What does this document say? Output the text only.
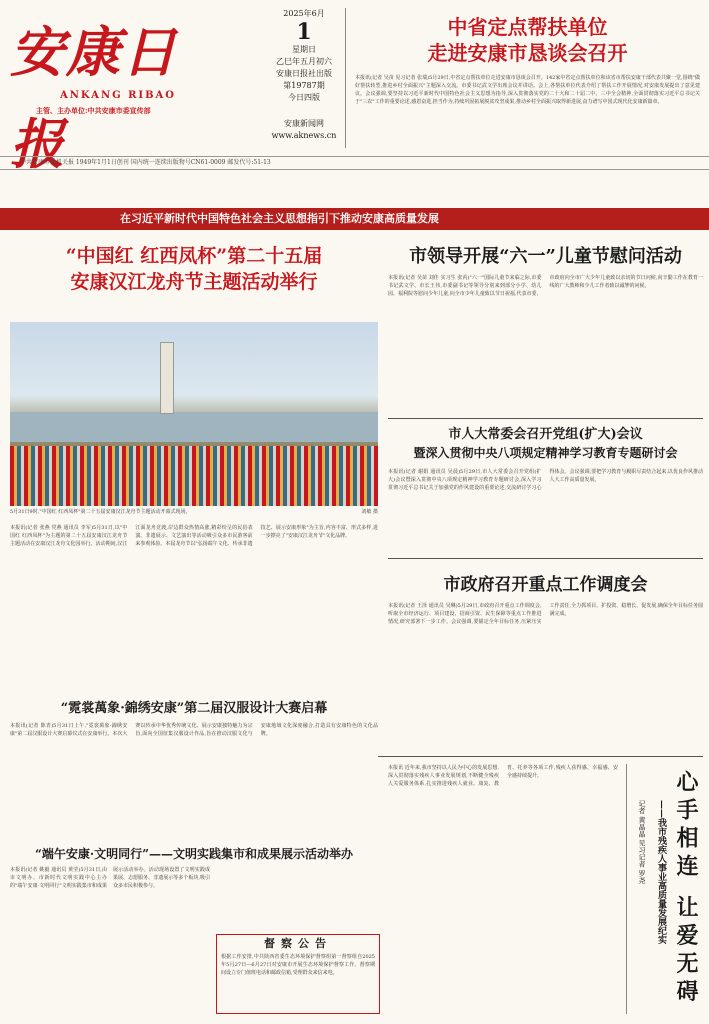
安康日报
ANKANG RIBAO
主管、主办单位:中共安康市委宣传部
2025年6月
1
星期日
乙巳年五月初六
安康日报社出版
第19787期
今日四版
安康新闻网
www.aknews.cn
中省定点帮扶单位
走进安康市恳谈会召开
本报讯(记者 吴苗 见习记者 张瑞)5月29日,中省定点帮扶单位走进安康市恳谈会召开。142家中省定点帮扶单位和该省市帮扶安康干部代表共聚一堂,围绕"做好帮扶转型,推进乡村全面振兴"主题深入交流。市委书记武文学出席会议并讲话。会上,各帮扶单位代表介绍了帮扶工作开展情况,对安康发展提出了意见建议。会议强调,要坚持以习近平新时代中国特色社会主义思想为指导,深入贯彻落实党的二十大和二十届二中、三中全会精神,全面贯彻落实习近平总书记关于"三农"工作的重要论述,感恩奋进,担当作为,持续巩固拓展脱贫攻坚成果,推动乡村全面振兴取得新进展,奋力谱写中国式现代化安康新篇章。
中共安康市委机关报 1949年1月1日创刊 国内统一连续出版物号CN61-0009 邮发代号:51-13
在习近平新时代中国特色社会主义思想指引下推动安康高质量发展
“中国红 红西凤杯”第二十五届
安康汉江龙舟节主题活动举行
5月31日9时,"中国红 红西凤杯"第二十五届安康汉江龙舟节主题活动开幕式现场。	刘敏 摄
本报讯(记者 张燕 党燕 通讯员 李军)5月31日,以"中国红 红西凤杯"为主题的第二十五届安康汉江龙舟节主题活动在安康汉江龙舟文化园举行。活动期间,汉江江面龙舟竞渡,岸边群众热情高涨,精彩纷呈的民俗表演、非遗展示、文艺演出等活动吸引众多市民游客前来参观体验。本届龙舟节以"弘扬端午文化、传承非遗技艺、展示安康形象"为主旨,内容丰富、形式多样,进一步擦亮了"安康汉江龙舟节"文化品牌。
市领导开展“六一”儿童节慰问活动
本报讯(记者 吴苗 刘佳 实习生 张芮)"六一"国际儿童节来临之际,市委书记武文学、市长王伟,市委副书记等领导分别来到部分小学、幼儿园、福利院等慰问少年儿童,向全市少年儿童致以节日祝福,代表市委、市政府向全市广大少年儿童致以亲切的节日问候,向辛勤工作在教育一线的广大教师和少儿工作者致以诚挚的问候。
市人大常委会召开党组(扩大)会议
暨深入贯彻中央八项规定精神学习教育专题研讨会
本报讯(记者 谢娟 通讯员 吴晨)5月29日,市人大常委会召开党组(扩大)会议暨深入贯彻中央八项规定精神学习教育专题研讨会,深入学习贯彻习近平总书记关于加强党的作风建设的重要论述,交流研讨学习心得体会。会议强调,要把学习教育与履职尽责结合起来,以优良作风推动人大工作高质量发展。
市政府召开重点工作调度会
本报讯(记者 王泽 通讯员 吴琳)5月29日,市政府召开重点工作调度会,听取全市经济运行、项目建设、招商引资、民生保障等重点工作推进情况,研究部署下一步工作。会议强调,要锚定全年目标任务,压紧压实工作责任,全力抓项目、扩投资、稳增长、促发展,确保全年目标任务圆满完成。
“霓裳萬象·錦绣安康”第二届汉服设计大赛启幕
本报讯(记者 陈青)5月31日上午,"霓裳萬象·錦绣安康"第二届汉服设计大赛启幕仪式在安康举行。本次大赛以传承中华优秀传统文化、展示安康独特魅力为宗旨,面向全国征集汉服设计作品,旨在推动汉服文化与安康地域文化深度融合,打造具有安康特色的文化品牌。
本报讯 近年来,我市坚持以人民为中心的发展思想,深入贯彻落实残疾人事业发展规划,不断健全残疾人关爱服务体系,扎实推进残疾人就业、康复、教育、托养等各项工作,残疾人获得感、幸福感、安全感持续提升。
“端午安康·文明同行”——文明实践集市和成果展示活动举办
本报讯(记者 姚毅 通讯员 黄莹)5月31日,由市文明办、市新时代文明实践中心主办的"端午安康·文明同行"文明实践集市和成果展示活动举办。活动现场设置了文明实践成果展、志愿服务、非遗展示等多个板块,吸引众多市民积极参与。
督察公告
根据工作安排,中共陕西省委生态环境保护督察组第一督察组自2025年5月27日—6月27日对安康市开展生态环境保护督察工作。督察期间设立专门值班电话和邮政信箱,受理群众来信来电。	心手相连 让爱无碍
——我市残疾人事业高质量发展纪实
记者 黄晶晶 见习记者 罗尧
